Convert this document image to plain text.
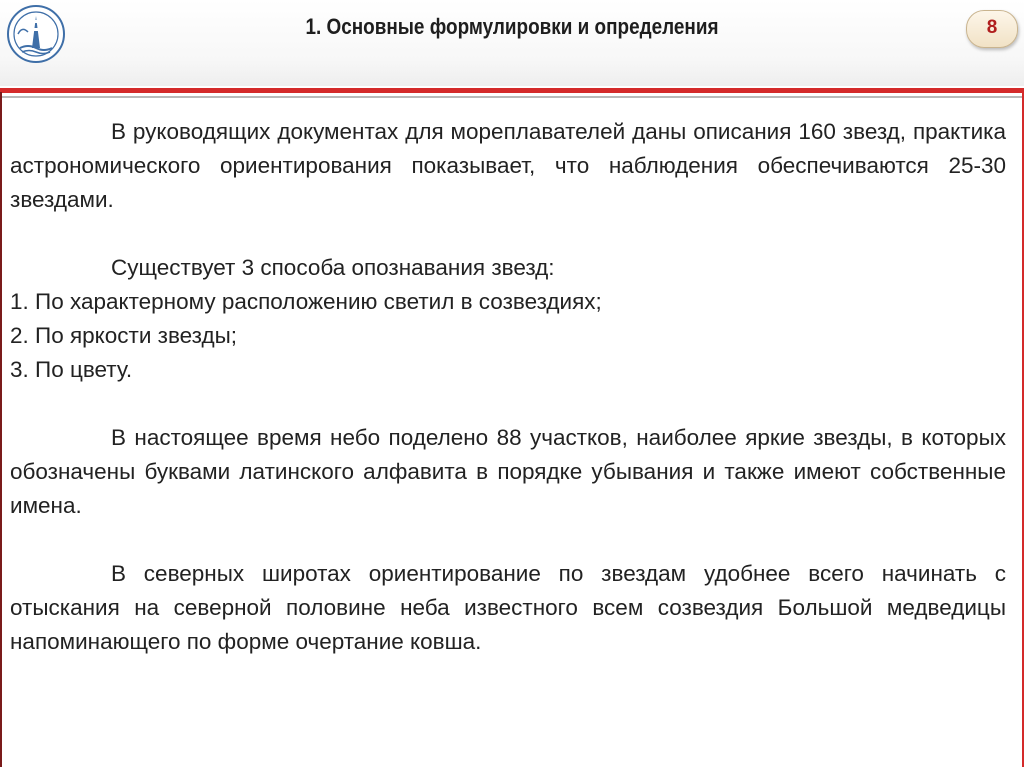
1. Основные формулировки и определения	8

В руководящих документах для мореплавателей даны описания 160 звезд, практика астрономического ориентирования показывает, что наблюдения обеспечиваются 25-30 звездами.

Существует 3 способа опознавания звезд:

1. По характерному расположению светил в созвездиях;

2. По яркости звезды;

3. По цвету.

В настоящее время небо поделено 88 участков, наиболее яркие звезды, в которых обозначены буквами латинского алфавита в порядке убывания и также имеют собственные имена.

В северных широтах ориентирование по звездам удобнее всего начинать с отыскания на северной половине неба известного всем созвездия Большой медведицы напоминающего по форме очертание ковша.
